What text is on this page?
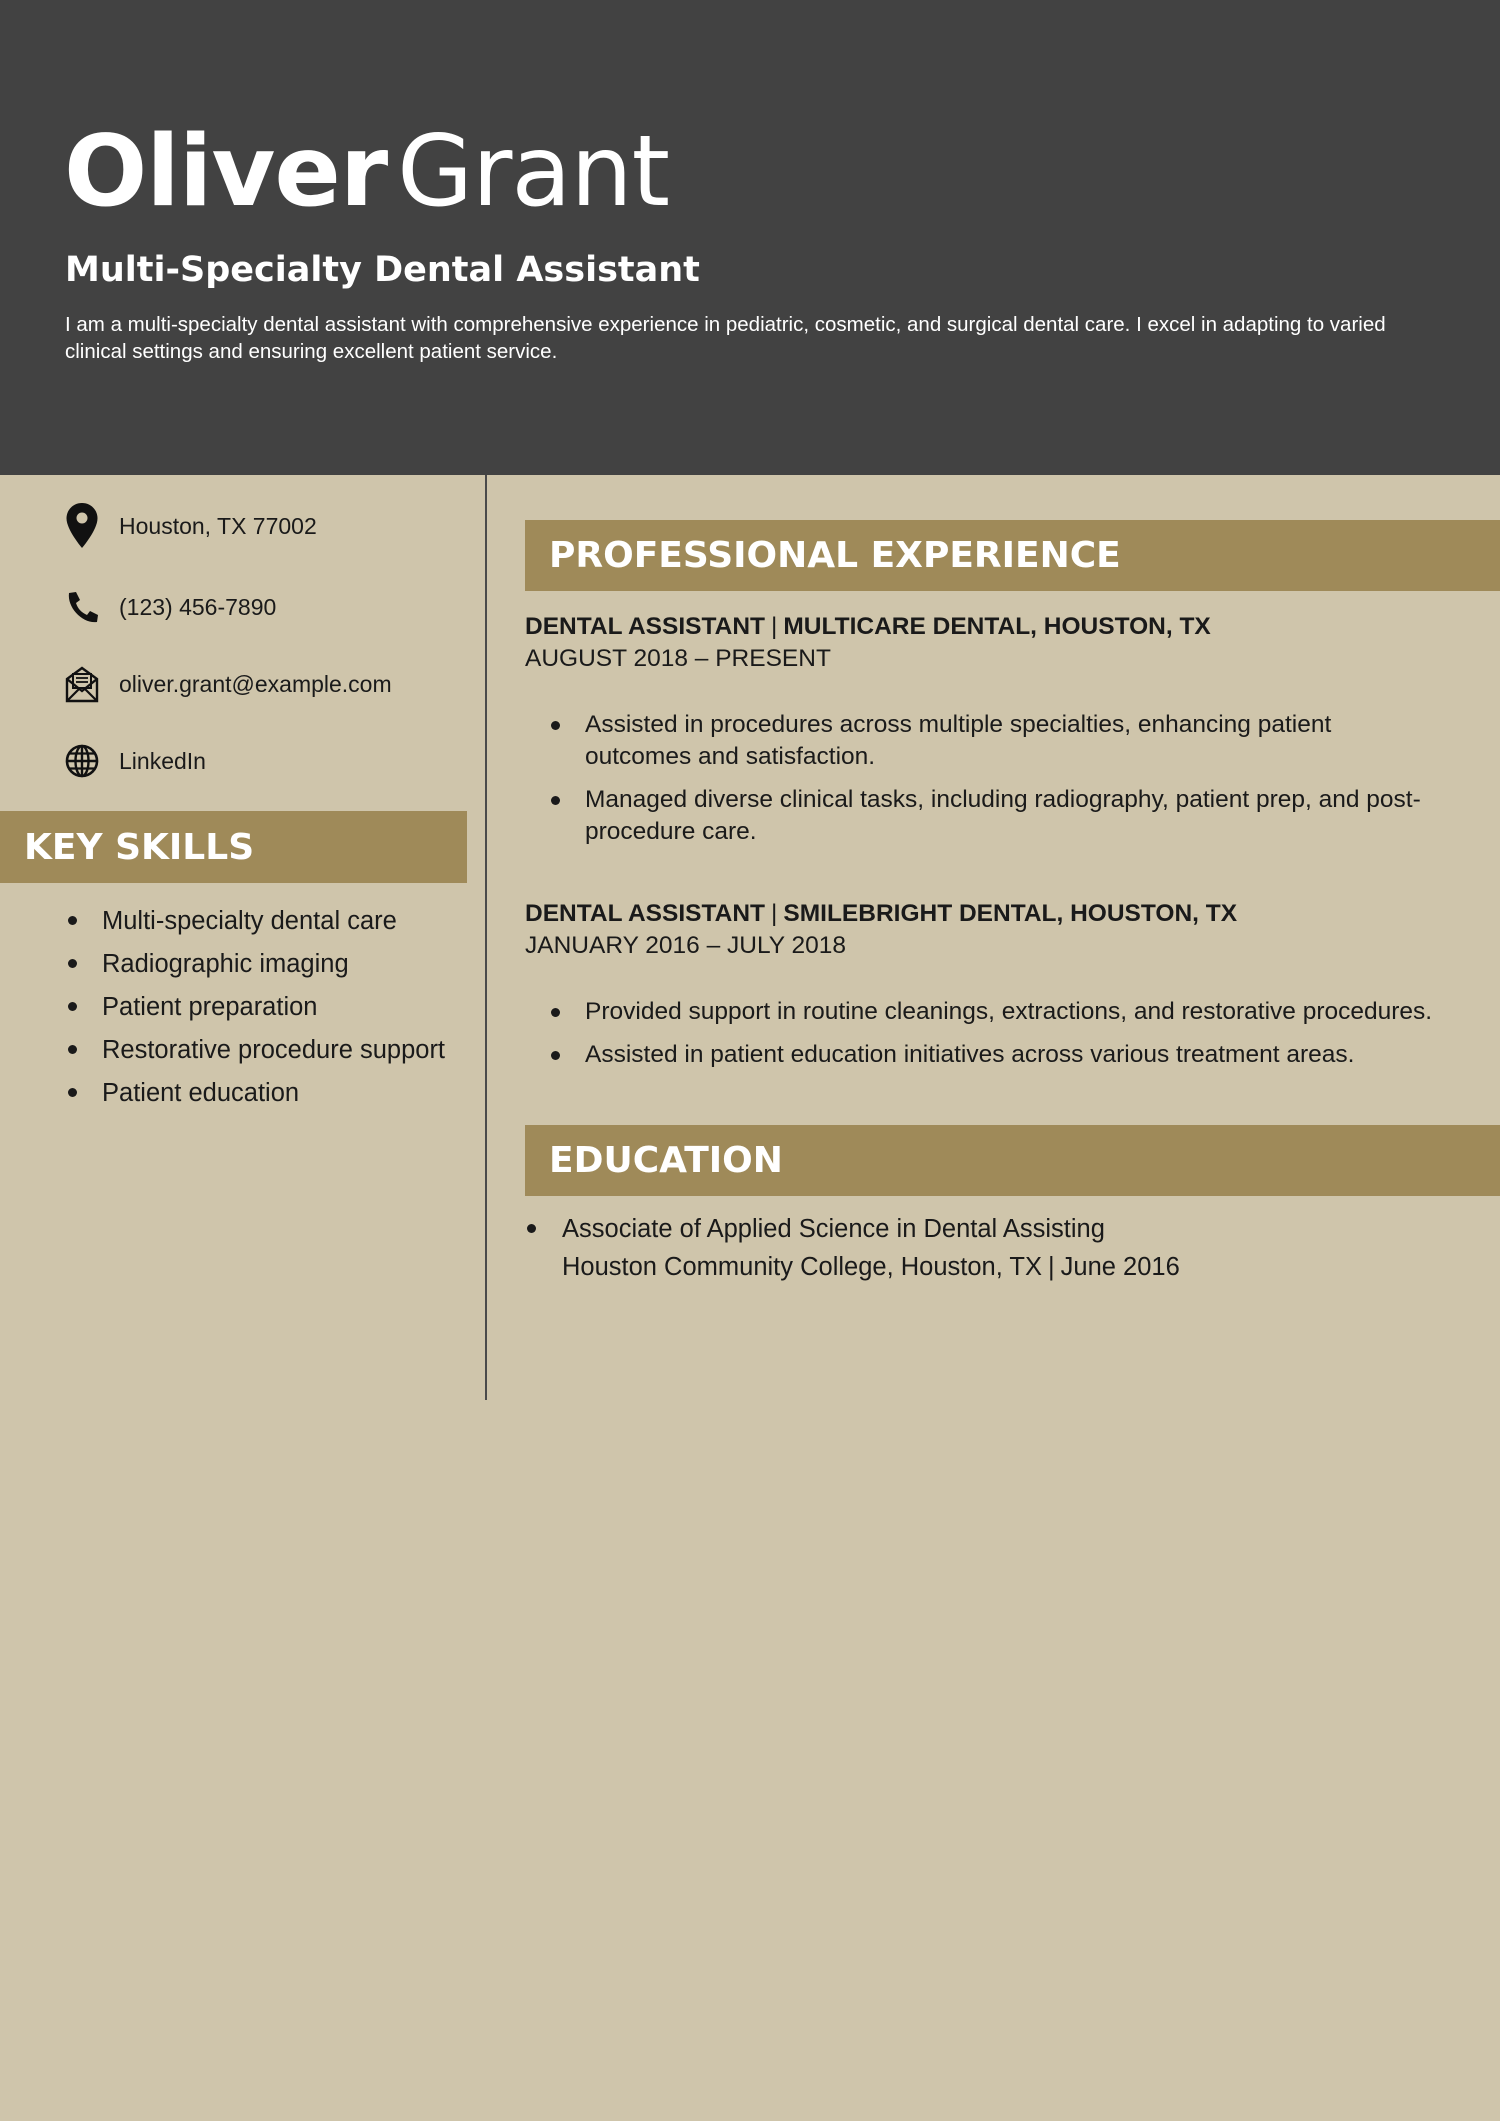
Oliver Grant
Multi-Specialty Dental Assistant
I am a multi-specialty dental assistant with comprehensive experience in pediatric, cosmetic, and surgical dental care. I excel in adapting to varied clinical settings and ensuring excellent patient service.
Houston, TX 77002
(123) 456-7890
oliver.grant@example.com
LinkedIn
KEY SKILLS
Multi-specialty dental care
Radiographic imaging
Patient preparation
Restorative procedure support
Patient education
PROFESSIONAL EXPERIENCE
DENTAL ASSISTANT | MULTICARE DENTAL, HOUSTON, TX
AUGUST 2018 – PRESENT
Assisted in procedures across multiple specialties, enhancing patient outcomes and satisfaction.
Managed diverse clinical tasks, including radiography, patient prep, and post-procedure care.
DENTAL ASSISTANT | SMILEBRIGHT DENTAL, HOUSTON, TX
JANUARY 2016 – JULY 2018
Provided support in routine cleanings, extractions, and restorative procedures.
Assisted in patient education initiatives across various treatment areas.
EDUCATION
Associate of Applied Science in Dental Assisting
Houston Community College, Houston, TX | June 2016
